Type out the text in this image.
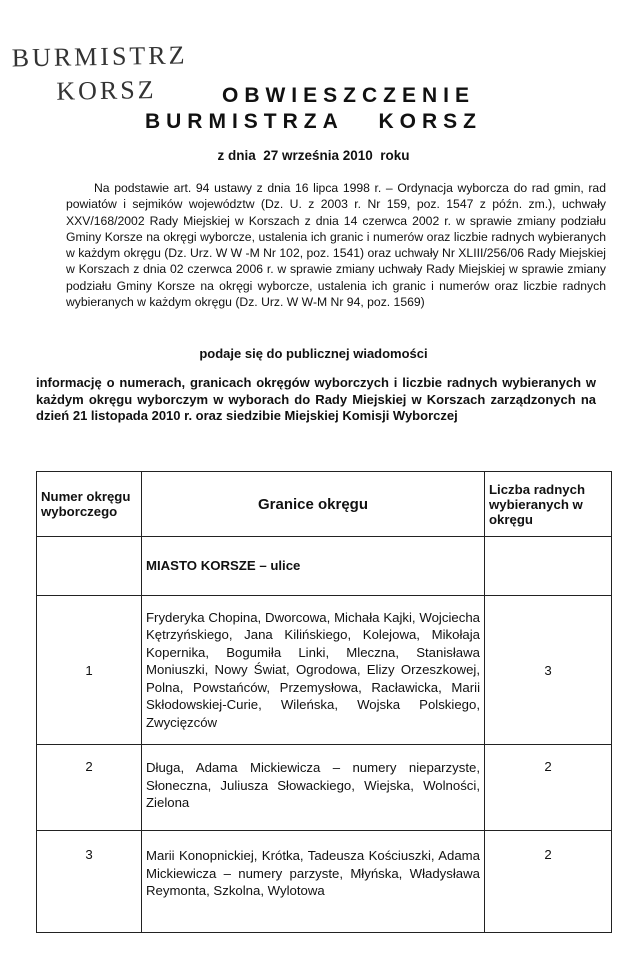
BURMISTRZ
KORSZ	OBWIESZCZENIE
BURMISTRZA   KORSZ
z dnia  27 września 2010  roku
Na podstawie art. 94 ustawy z dnia 16 lipca 1998 r. – Ordynacja wyborcza do rad gmin, rad powiatów i sejmików województw (Dz. U. z 2003 r. Nr 159, poz. 1547 z późn. zm.), uchwały XXV/168/2002 Rady Miejskiej w Korszach z dnia 14 czerwca 2002 r. w sprawie zmiany podziału Gminy Korsze na okręgi wyborcze, ustalenia ich granic i numerów oraz liczbie radnych wybieranych w każdym okręgu (Dz. Urz. W W -M Nr 102, poz. 1541) oraz uchwały Nr XLIII/256/06 Rady Miejskiej w Korszach z dnia 02 czerwca 2006 r. w sprawie zmiany uchwały Rady Miejskiej w sprawie zmiany podziału Gminy Korsze na okręgi wyborcze, ustalenia ich granic i numerów oraz liczbie radnych wybieranych w każdym okręgu (Dz. Urz. W W-M Nr 94, poz. 1569)
podaje się do publicznej wiadomości
informację o numerach, granicach okręgów wyborczych i liczbie radnych wybieranych w każdym okręgu wyborczym w wyborach do Rady Miejskiej w Korszach zarządzonych na dzień 21 listopada 2010 r. oraz siedzibie Miejskiej Komisji Wyborczej
Numer okręgu wyborczego	Granice okręgu	Liczba radnych wybieranych w okręgu
	MIASTO KORSZE – ulice	
1	Fryderyka Chopina, Dworcowa, Michała Kajki, Wojciecha Kętrzyńskiego, Jana Kilińskiego, Kolejowa, Mikołaja Kopernika, Bogumiła Linki, Mleczna, Stanisława Moniuszki, Nowy Świat, Ogrodowa, Elizy Orzeszkowej, Polna, Powstańców, Przemysłowa, Racławicka, Marii Skłodowskiej-Curie, Wileńska, Wojska Polskiego, Zwycięzców	3
2	Długa, Adama Mickiewicza – numery nieparzyste, Słoneczna, Juliusza Słowackiego, Wiejska, Wolności, Zielona	2
3	Marii Konopnickiej, Krótka, Tadeusza Kościuszki, Adama Mickiewicza – numery parzyste, Młyńska, Władysława Reymonta, Szkolna, Wylotowa	2
